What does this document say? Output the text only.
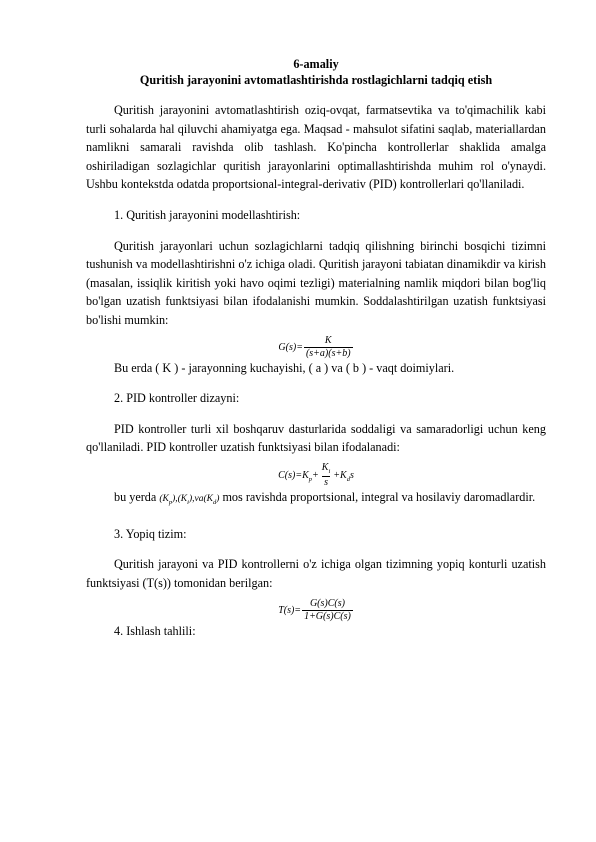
6-amaliy
Quritish jarayonini avtomatlashtirishda rostlagichlarni tadqiq etish

Quritish jarayonini avtomatlashtirish oziq-ovqat, farmatsevtika va to'qimachilik kabi turli sohalarda hal qiluvchi ahamiyatga ega. Maqsad - mahsulot sifatini saqlab, materiallardan namlikni samarali ravishda olib tashlash. Ko'pincha kontrollerlar shaklida amalga oshiriladigan sozlagichlar quritish jarayonlarini optimallashtirishda muhim rol o'ynaydi. Ushbu kontekstda odatda proportsional-integral-derivativ (PID) kontrollerlari qo'llaniladi.

1. Quritish jarayonini modellashtirish:

Quritish jarayonlari uchun sozlagichlarni tadqiq qilishning birinchi bosqichi tizimni tushunish va modellashtirishni o'z ichiga oladi. Quritish jarayoni tabiatan dinamikdir va kirish (masalan, issiqlik kiritish yoki havo oqimi tezligi) materialning namlik miqdori bilan bog'liq bo'lgan uzatish funktsiyasi bilan ifodalanishi mumkin. Soddalashtirilgan uzatish funktsiyasi bo'lishi mumkin:

$G(s)= \frac{K}{(s+a)(s+b)}$
Bu erda ( K ) - jarayonning kuchayishi, ( a ) va ( b ) - vaqt doimiylari.
2. PID kontroller dizayni:

PID kontroller turli xil boshqaruv dasturlarida soddaligi va samaradorligi uchun keng qo'llaniladi. PID kontroller uzatish funktsiyasi bilan ifodalanadi:

$C(s)=K_p+ \frac{K_i}{s} +K_ds$

bu yerda $(K_p),(K_i),va(K_d)$ mos ravishda proportsional, integral va hosilaviy daromadlardir.

3. Yopiq tizim:

Quritish jarayoni va PID kontrollerni o'z ichiga olgan tizimning yopiq konturli uzatish funktsiyasi (T(s)) tomonidan berilgan:

$T(s)= \frac{G(s)C(s)}{1+G(s)C(s)}$
4. Ishlash tahlili:
